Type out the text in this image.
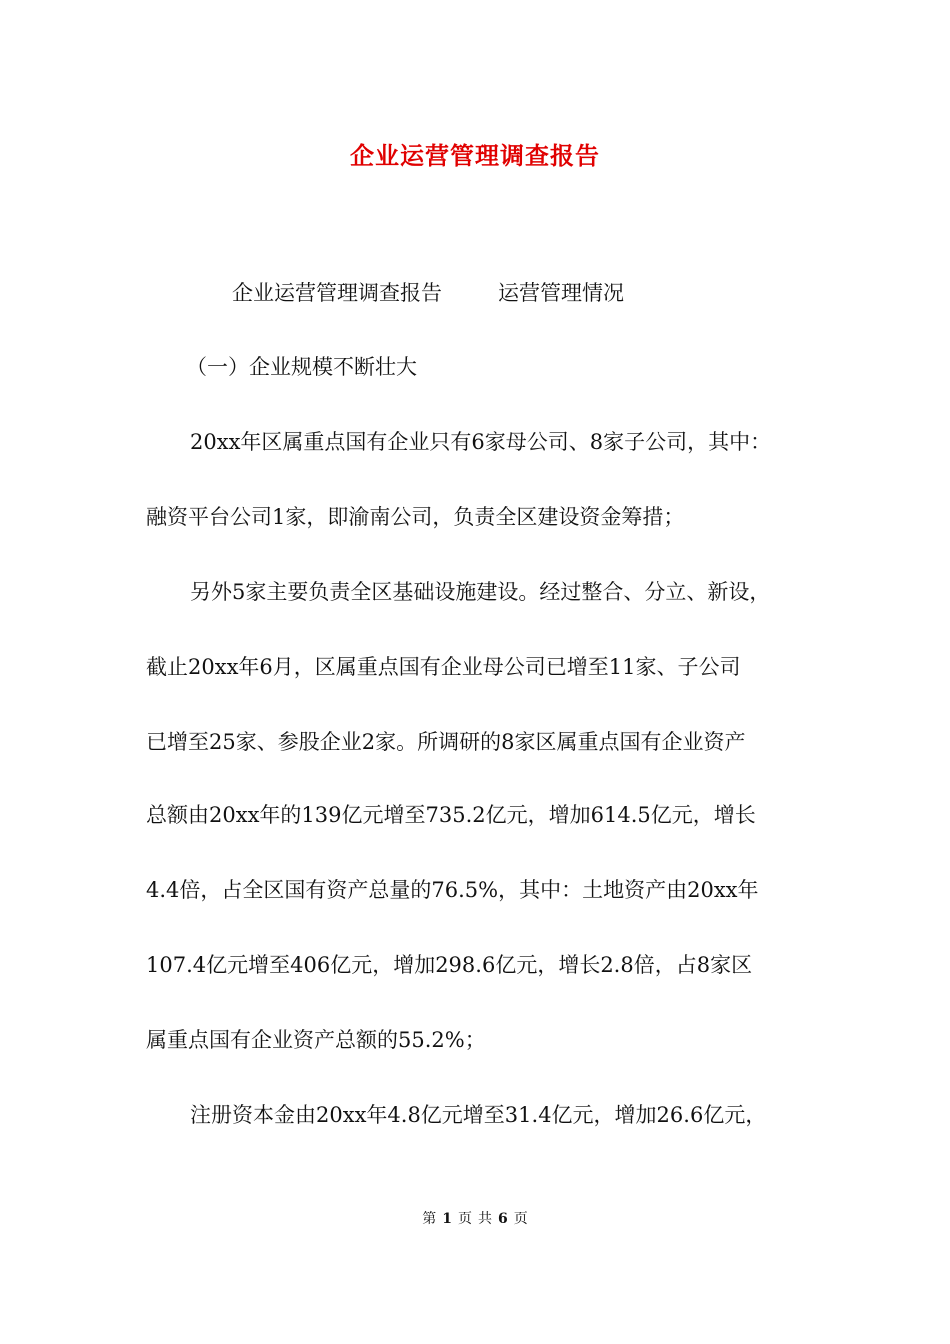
企业运营管理调查报告
企业运营管理调查报告	运营管理情况
（一）企业规模不断壮大
20xx年区属重点国有企业只有6家母公司、8家子公司，其中：
融资平台公司1家，即渝南公司，负责全区建设资金筹措；
另外5家主要负责全区基础设施建设。经过整合、分立、新设，
截止20xx年6月，区属重点国有企业母公司已增至11家、子公司
已增至25家、参股企业2家。所调研的8家区属重点国有企业资产
总额由20xx年的139亿元增至735.2亿元，增加614.5亿元，增长
4.4倍，占全区国有资产总量的76.5%，其中：土地资产由20xx年
107.4亿元增至406亿元，增加298.6亿元，增长2.8倍，占8家区
属重点国有企业资产总额的55.2%；
注册资本金由20xx年4.8亿元增至31.4亿元，增加26.6亿元，
第 1 页 共 6 页
